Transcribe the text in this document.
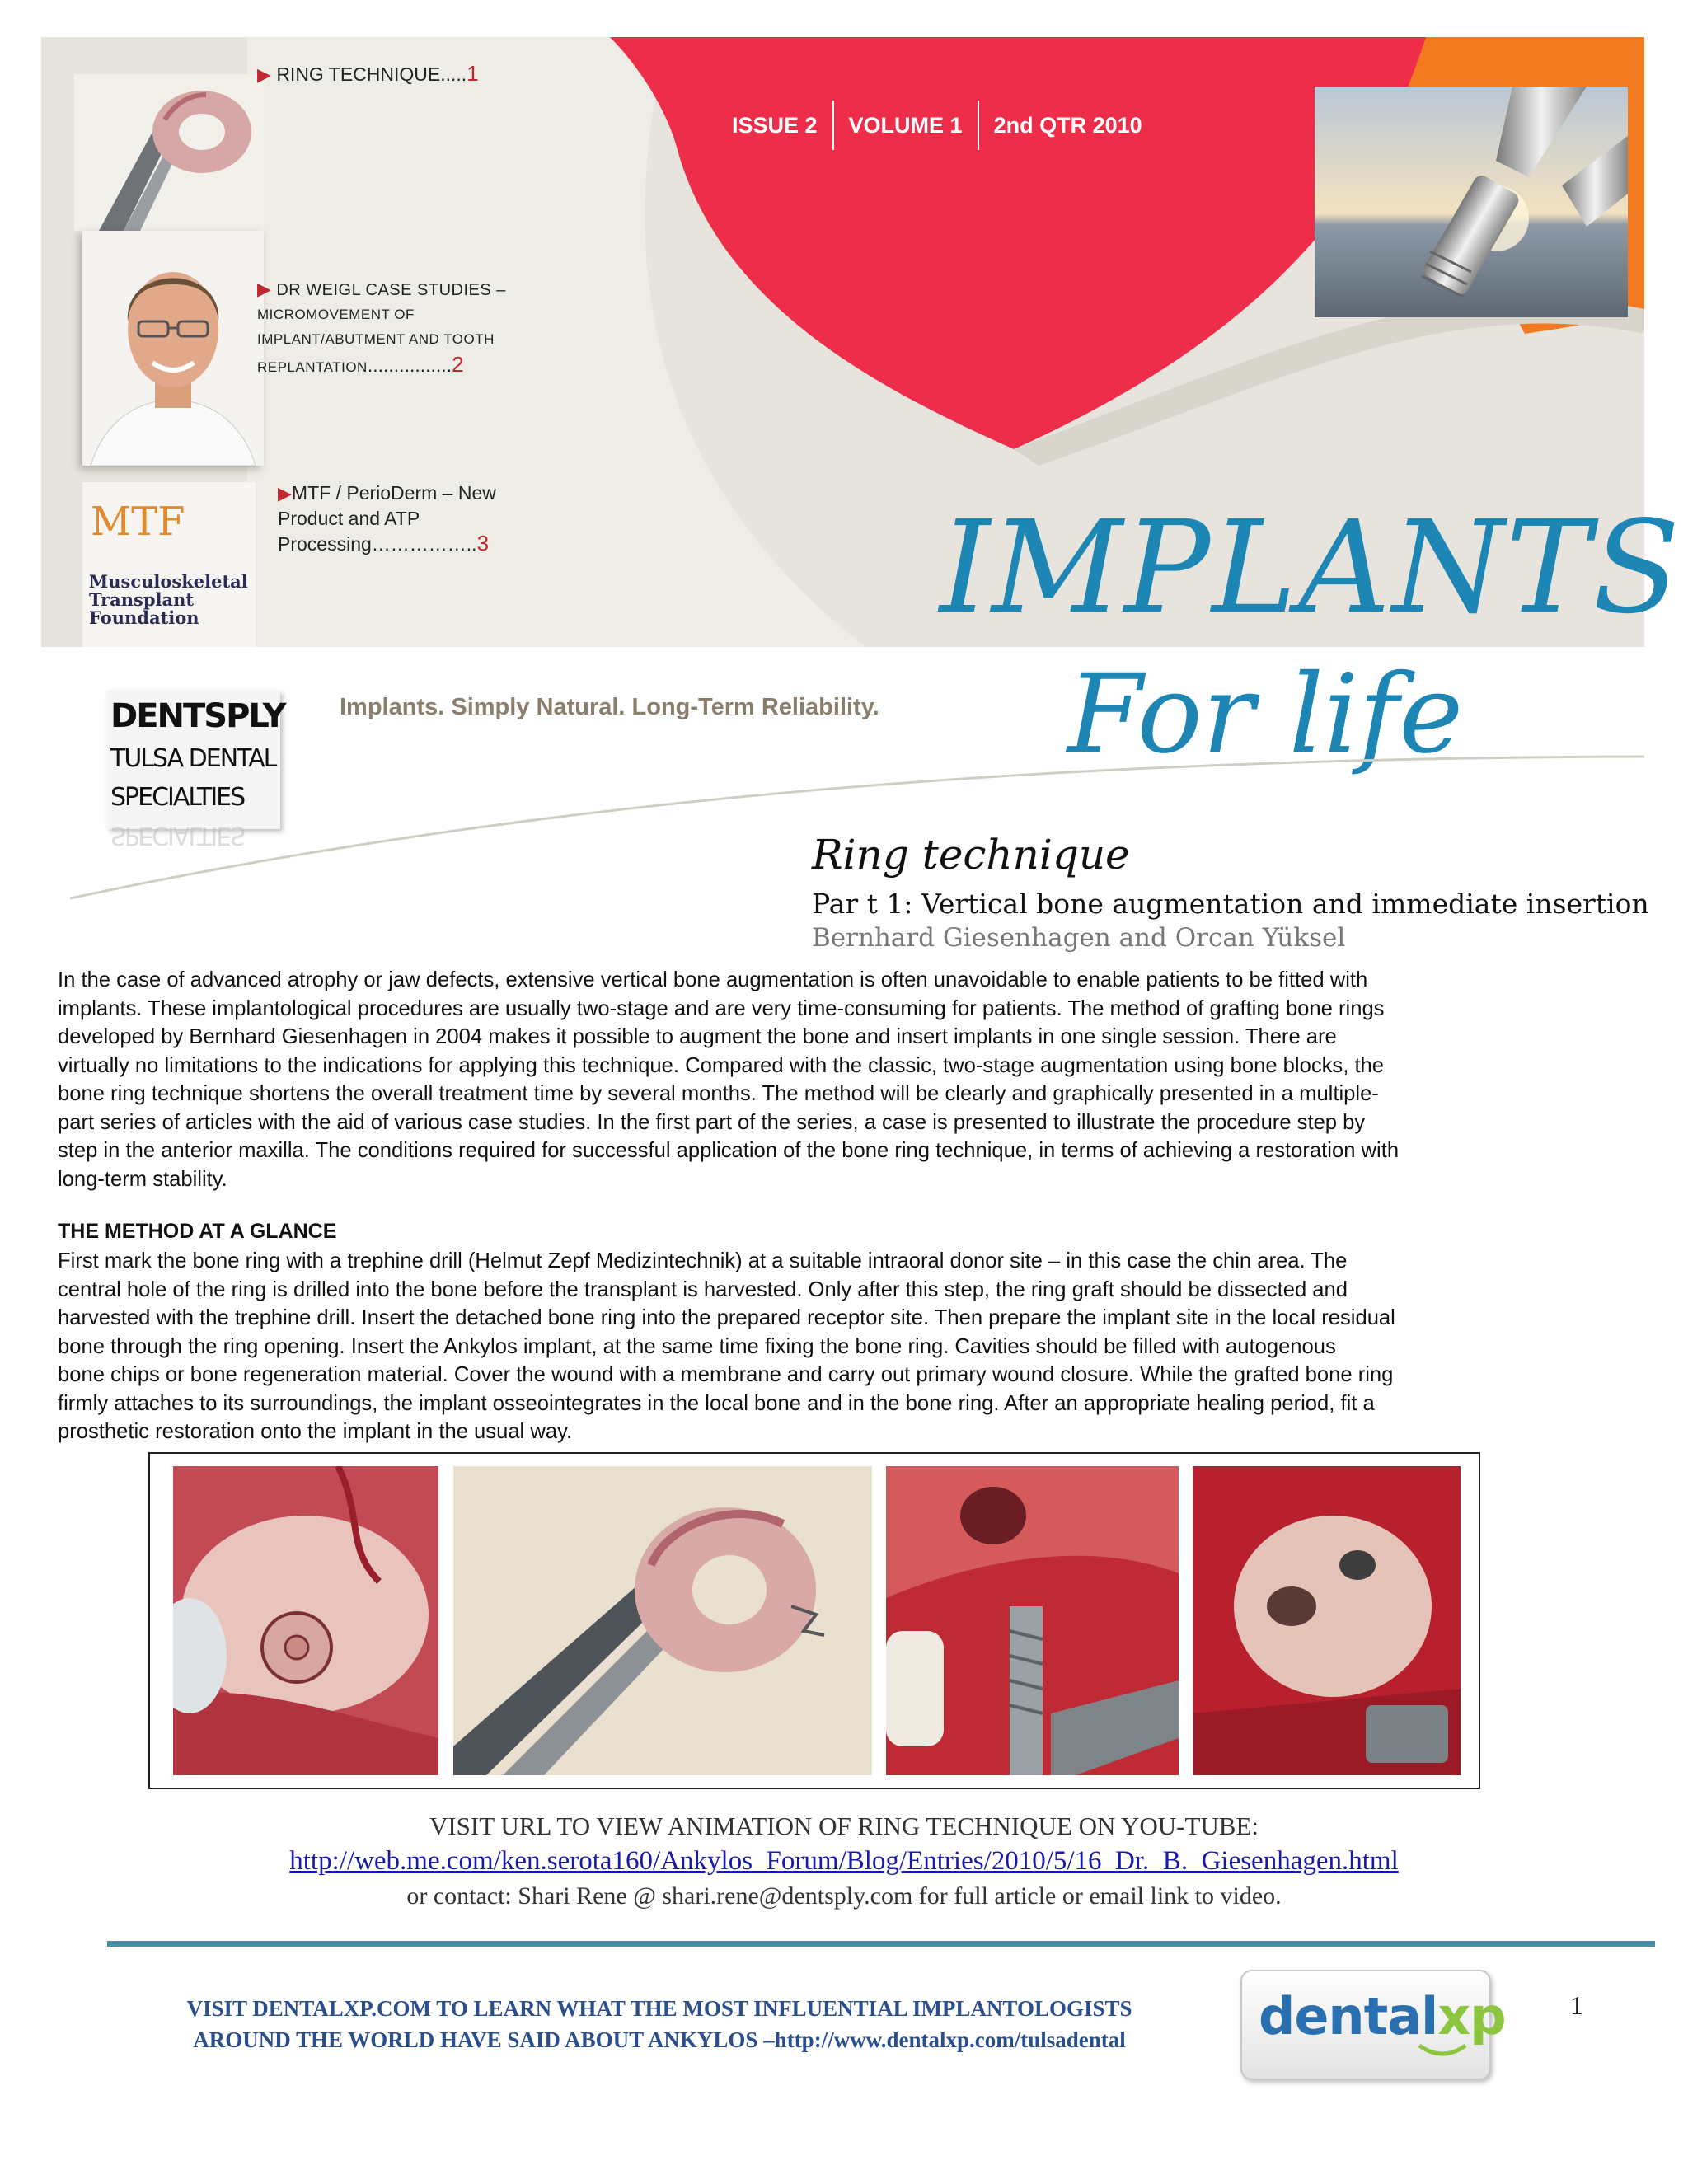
MTF
Musculoskeletal
Transplant
Foundation
▶ RING TECHNIQUE.....1
▶ DR WEIGL CASE STUDIES –
MICROMOVEMENT OF
IMPLANT/ABUTMENT AND TOOTH
REPLANTATION................2
▶MTF / PerioDerm – New
Product and ATP
Processing……………..3
ISSUE 2	VOLUME 1	2nd QTR 2010
IMPLANTS
For life
DENTSPLY
TULSA DENTAL
SPECIALTIES
SPECIALTIES
Implants. Simply Natural. Long-Term Reliability.
Ring technique
Par t 1: Vertical bone augmentation and immediate insertion
Bernhard Giesenhagen and Orcan Yüksel
In the case of advanced atrophy or jaw defects, extensive vertical bone augmentation is often unavoidable to enable patients to be fitted with
implants. These implantological procedures are usually two-stage and are very time-consuming for patients. The method of grafting bone rings
developed by Bernhard Giesenhagen in 2004 makes it possible to augment the bone and insert implants in one single session. There are
virtually no limitations to the indications for applying this technique. Compared with the classic, two-stage augmentation using bone blocks, the
bone ring technique shortens the overall treatment time by several months. The method will be clearly and graphically presented in a multiple-
part series of articles with the aid of various case studies. In the first part of the series, a case is presented to illustrate the procedure step by
step in the anterior maxilla. The conditions required for successful application of the bone ring technique, in terms of achieving a restoration with
long-term stability.
THE METHOD AT A GLANCE
First mark the bone ring with a trephine drill (Helmut Zepf Medizintechnik) at a suitable intraoral donor site – in this case the chin area. The
central hole of the ring is drilled into the bone before the transplant is harvested. Only after this step, the ring graft should be dissected and
harvested with the trephine drill. Insert the detached bone ring into the prepared receptor site. Then prepare the implant site in the local residual
bone through the ring opening. Insert the Ankylos implant, at the same time fixing the bone ring. Cavities should be filled with autogenous
bone chips or bone regeneration material. Cover the wound with a membrane and carry out primary wound closure. While the grafted bone ring
firmly attaches to its surroundings, the implant osseointegrates in the local bone and in the bone ring. After an appropriate healing period, fit a
prosthetic restoration onto the implant in the usual way.
VISIT URL TO VIEW ANIMATION OF RING TECHNIQUE ON YOU-TUBE:
http://web.me.com/ken.serota160/Ankylos_Forum/Blog/Entries/2010/5/16_Dr._B._Giesenhagen.html
or contact: Shari Rene @ shari.rene@dentsply.com for full article or email link to video.
VISIT DENTALXP.COM TO LEARN WHAT THE MOST INFLUENTIAL IMPLANTOLOGISTS
AROUND THE WORLD HAVE SAID ABOUT ANKYLOS –http://www.dentalxp.com/tulsadental	dentalxp 1
